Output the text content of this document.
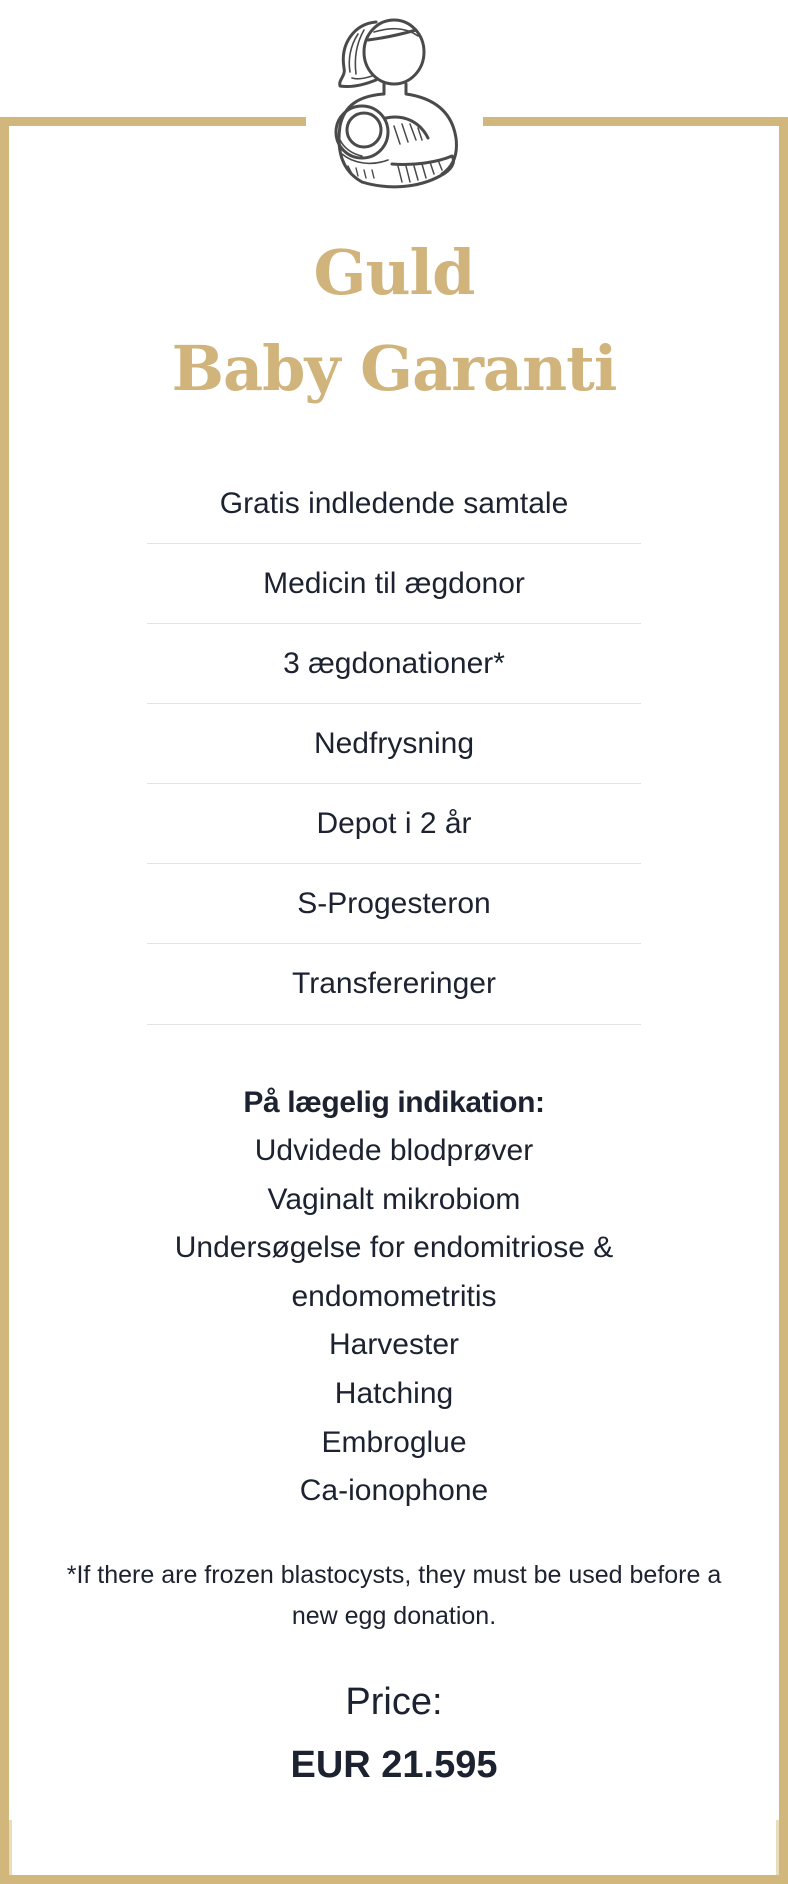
Guld
Baby Garanti
Gratis indledende samtale
Medicin til ægdonor
3 ægdonationer*
Nedfrysning
Depot i 2 år
S-Progesteron
Transfereringer
På lægelig indikation:
Udvidede blodprøver
Vaginalt mikrobiom
Undersøgelse for endomitriose &
endomometritis
Harvester
Hatching
Embroglue
Ca-ionophone
*If there are frozen blastocysts, they must be used before a new egg donation.
Price:
EUR 21.595
